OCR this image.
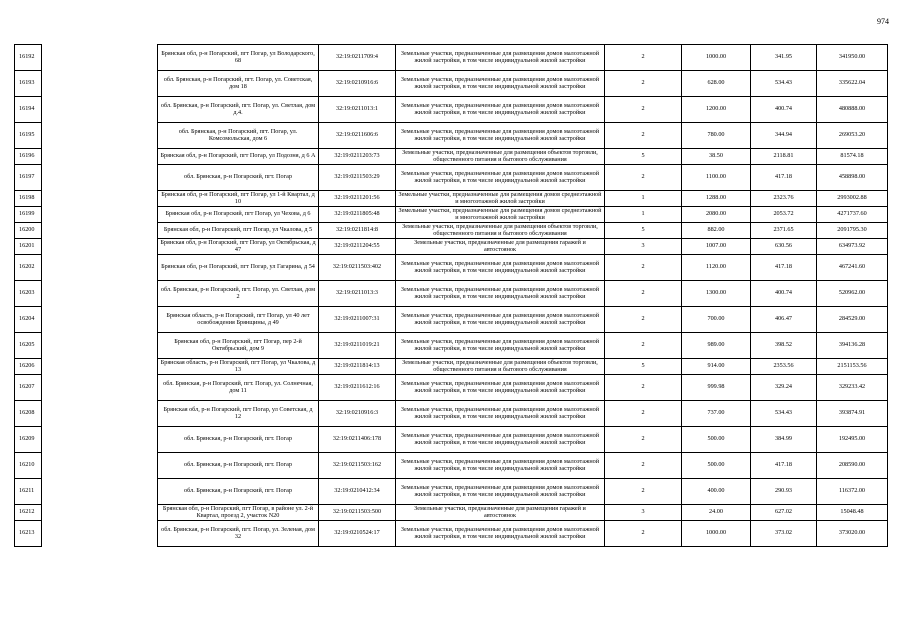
974
16192		Брянская обл, р-н Погарский, пгт Погар, ул Володарского, 68	32:19:0211709:4	Земельные участки, предназначенные для размещения домов малоэтажной жилой застройки, в том числе индивидуальной жилой застройки	2	1000.00	341.95	341950.00
16193		обл. Брянская, р-н Погарский, пгт. Погар, ул. Советская, дом 18	32:19:0210916:6	Земельные участки, предназначенные для размещения домов малоэтажной жилой застройки, в том числе индивидуальной жилой застройки	2	628.00	534.43	335622.04
16194		обл. Брянская, р-н Погарский, пгт. Погар, ул. Светлая, дом д.4.	32:19:0211013:1	Земельные участки, предназначенные для размещения домов малоэтажной жилой застройки, в том числе индивидуальной жилой застройки	2	1200.00	400.74	480888.00
16195		обл. Брянская, р-н Погарский, пгт. Погар, ул. Комсомольская, дом 6	32:19:0211606:6	Земельные участки, предназначенные для размещения домов малоэтажной жилой застройки, в том числе индивидуальной жилой застройки	2	780.00	344.94	269053.20
16196		Брянская обл, р-н Погарский, пгт Погар, ул Подозня, д 6 А	32:19:0211203:73	Земельные участки, предназначенные для размещения объектов торговли, общественного питания и бытового обслуживания	5	38.50	2118.81	81574.18
16197		обл. Брянская, р-н Погарский, пгт. Погар	32:19:0211503:29	Земельные участки, предназначенные для размещения домов малоэтажной жилой застройки, в том числе индивидуальной жилой застройки	2	1100.00	417.18	458898.00
16198		Брянская обл, р-н Погарский, пгт Погар, ул 1-й Квартал, д 10	32:19:0211201:56	Земельные участки, предназначенные для размещения домов среднеэтажной и многоэтажной жилой застройки	1	1288.00	2323.76	2993002.88
16199		Брянская обл, р-н Погарский, пгт Погар, ул Чехова, д 6	32:19:0211805:48	Земельные участки, предназначенные для размещения домов среднеэтажной и многоэтажной жилой застройки	1	2080.00	2053.72	4271737.60
16200		Брянская обл, р-н Погарский, пгт Погар, ул Чкалова, д 5	32:19:0211814:8	Земельные участки, предназначенные для размещения объектов торговли, общественного питания и бытового обслуживания	5	882.00	2371.65	2091795.30
16201		Брянская обл, р-н Погарский, пгт Погар, ул Октябрьская, д 47	32:19:0211204:55	Земельные участки, предназначенные для размещения гаражей и автостоянок	3	1007.00	630.56	634973.92
16202		Брянская обл, р-н Погарский, пгт Погар, ул Гагарина, д 54	32:19:0211503:402	Земельные участки, предназначенные для размещения домов малоэтажной жилой застройки, в том числе индивидуальной жилой застройки	2	1120.00	417.18	467241.60
16203		обл. Брянская, р-н Погарский, пгт. Погар, ул. Светлая, дом 2	32:19:0211013:3	Земельные участки, предназначенные для размещения домов малоэтажной жилой застройки, в том числе индивидуальной жилой застройки	2	1300.00	400.74	520962.00
16204		Брянская область, р-н Погарский, пгт Погар, ул 40 лет освобождения Брянщины, д 49	32:19:0211007:31	Земельные участки, предназначенные для размещения домов малоэтажной жилой застройки, в том числе индивидуальной жилой застройки	2	700.00	406.47	284529.00
16205		Брянская обл, р-н Погарский, пгт Погар, пер 2-й Октябрьский, дом 9	32:19:0211019:21	Земельные участки, предназначенные для размещения домов малоэтажной жилой застройки, в том числе индивидуальной жилой застройки	2	989.00	398.52	394136.28
16206		Брянская область, р-н Погарский, пгт Погар, ул Чкалова, д 13	32:19:0211814:13	Земельные участки, предназначенные для размещения объектов торговли, общественного питания и бытового обслуживания	5	914.00	2353.56	2151153.56
16207		обл. Брянская, р-н Погарский, пгт. Погар, ул. Солнечная, дом 11	32:19:0211612:16	Земельные участки, предназначенные для размещения домов малоэтажной жилой застройки, в том числе индивидуальной жилой застройки	2	999.98	329.24	329233.42
16208		Брянская обл, р-н Погарский, пгт Погар, ул Советская, д 12	32:19:0210916:3	Земельные участки, предназначенные для размещения домов малоэтажной жилой застройки, в том числе индивидуальной жилой застройки	2	737.00	534.43	393874.91
16209		обл. Брянская, р-н Погарский, пгт. Погар	32:19:0211406:178	Земельные участки, предназначенные для размещения домов малоэтажной жилой застройки, в том числе индивидуальной жилой застройки	2	500.00	384.99	192495.00
16210		обл. Брянская, р-н Погарский, пгт. Погар	32:19:0211503:162	Земельные участки, предназначенные для размещения домов малоэтажной жилой застройки, в том числе индивидуальной жилой застройки	2	500.00	417.18	208590.00
16211		обл. Брянская, р-н Погарский, пгт. Погар	32:19:0210412:34	Земельные участки, предназначенные для размещения домов малоэтажной жилой застройки, в том числе индивидуальной жилой застройки	2	400.00	290.93	116372.00
16212		Брянская обл, р-н Погарский, пгт Погар, в районе ул. 2-й Квартал, проезд 2, участок N20	32:19:0211503:500	Земельные участки, предназначенные для размещения гаражей и автостоянок	3	24.00	627.02	15048.48
16213		обл. Брянская, р-н Погарский, пгт. Погар, ул. Зеленая, дом 32	32:19:0210524:17	Земельные участки, предназначенные для размещения домов малоэтажной жилой застройки, в том числе индивидуальной жилой застройки	2	1000.00	373.02	373020.00
